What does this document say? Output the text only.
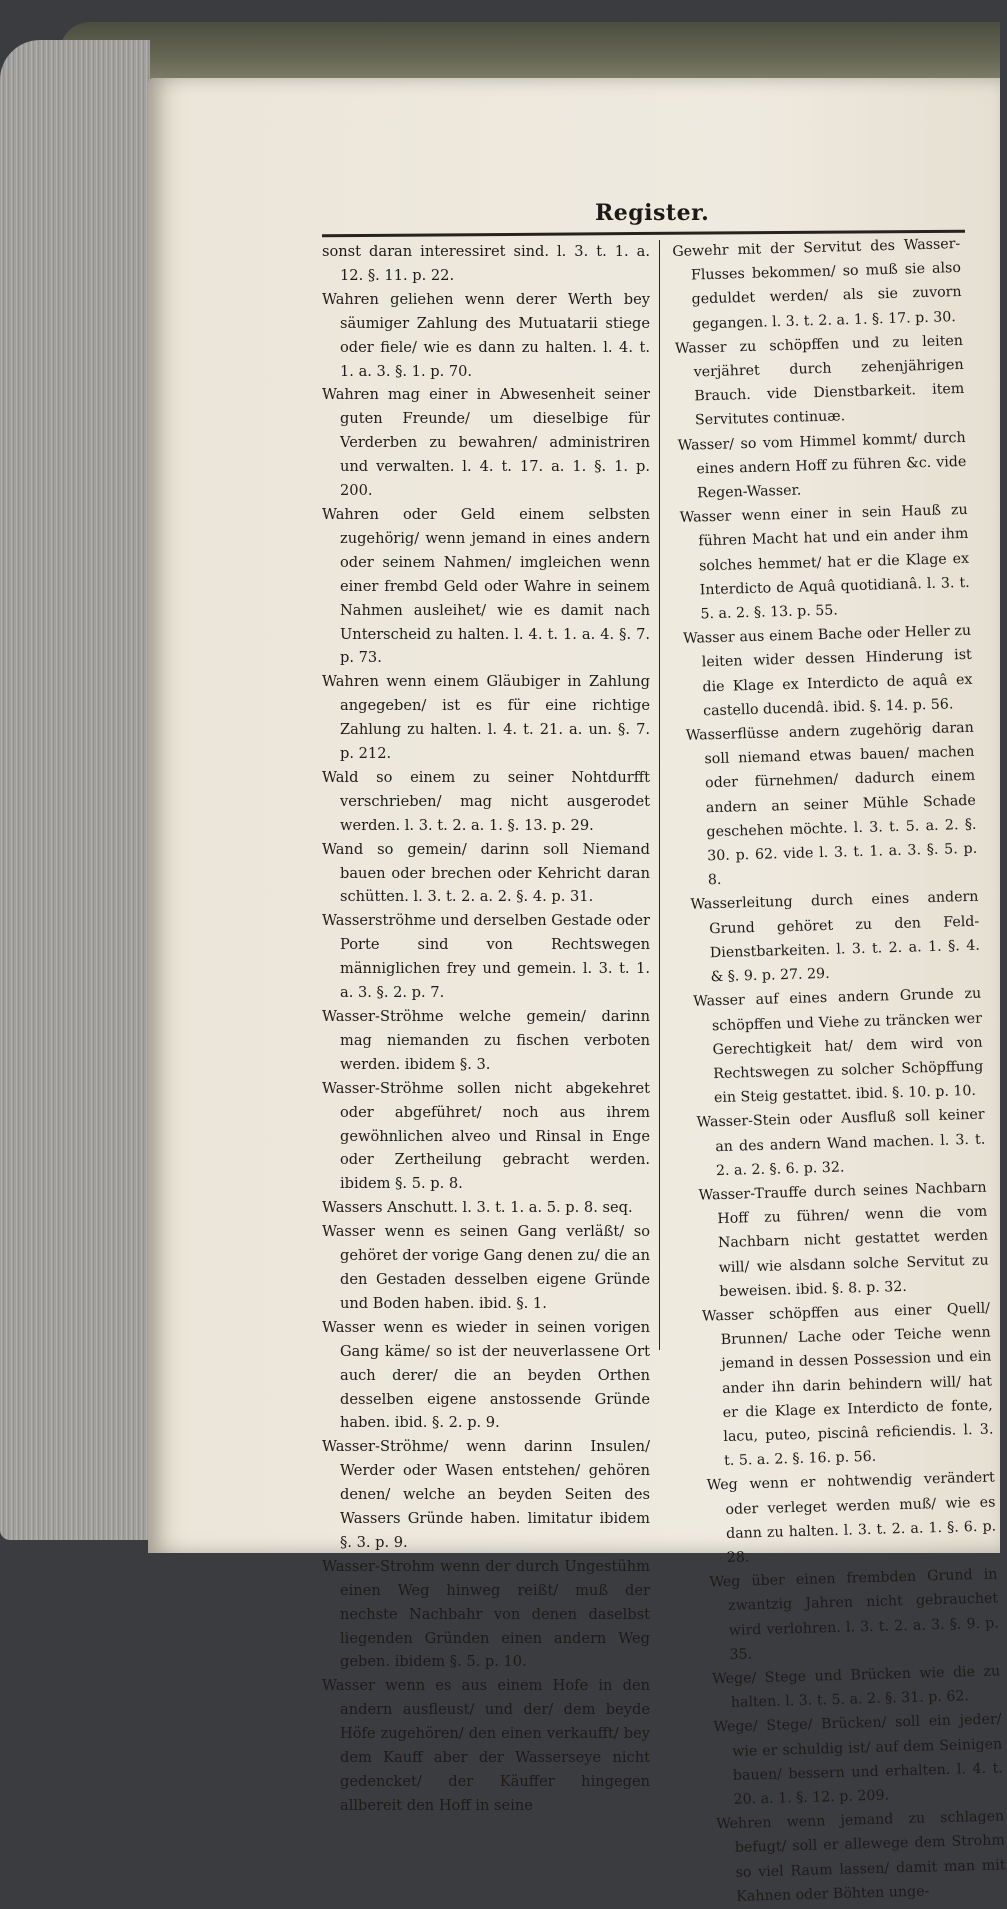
Register.

sonst daran interessiret sind. l. 3. t. 1. a. 12. §. 11. p. 22.

Wahren geliehen wenn derer Werth bey säumiger Zahlung des Mutuatarii stiege oder fiele/ wie es dann zu halten. l. 4. t. 1. a. 3. §. 1. p. 70.

Wahren mag einer in Abwesenheit seiner guten Freunde/ um dieselbige für Verderben zu bewahren/ administriren und verwalten. l. 4. t. 17. a. 1. §. 1. p. 200.

Wahren oder Geld einem selbsten zugehörig/ wenn jemand in eines andern oder seinem Nahmen/ imgleichen wenn einer frembd Geld oder Wahre in seinem Nahmen ausleihet/ wie es damit nach Unterscheid zu halten. l. 4. t. 1. a. 4. §. 7. p. 73.

Wahren wenn einem Gläubiger in Zahlung angegeben/ ist es für eine richtige Zahlung zu halten. l. 4. t. 21. a. un. §. 7. p. 212.

Wald so einem zu seiner Nohtdurfft verschrieben/ mag nicht ausgerodet werden. l. 3. t. 2. a. 1. §. 13. p. 29.

Wand so gemein/ darinn soll Niemand bauen oder brechen oder Kehricht daran schütten. l. 3. t. 2. a. 2. §. 4. p. 31.

Wasserströhme und derselben Gestade oder Porte sind von Rechtswegen männiglichen frey und gemein. l. 3. t. 1. a. 3. §. 2. p. 7.

Wasser-Ströhme welche gemein/ darinn mag niemanden zu fischen verboten werden. ibidem §. 3.

Wasser-Ströhme sollen nicht abgekehret oder abgeführet/ noch aus ihrem gewöhnlichen alveo und Rinsal in Enge oder Zertheilung gebracht werden. ibidem §. 5. p. 8.

Wassers Anschutt. l. 3. t. 1. a. 5. p. 8. seq.

Wasser wenn es seinen Gang verläßt/ so gehöret der vorige Gang denen zu/ die an den Gestaden desselben eigene Gründe und Boden haben. ibid. §. 1.

Wasser wenn es wieder in seinen vorigen Gang käme/ so ist der neuverlassene Ort auch derer/ die an beyden Orthen desselben eigene anstossende Gründe haben. ibid. §. 2. p. 9.

Wasser-Ströhme/ wenn darinn Insulen/ Werder oder Wasen entstehen/ gehören denen/ welche an beyden Seiten des Wassers Gründe haben. limitatur ibidem §. 3. p. 9.

Wasser-Strohm wenn der durch Ungestühm einen Weg hinweg reißt/ muß der nechste Nachbahr von denen daselbst liegenden Gründen einen andern Weg geben. ibidem §. 5. p. 10.

Wasser wenn es aus einem Hofe in den andern ausfleust/ und der/ dem beyde Höfe zugehören/ den einen verkaufft/ bey dem Kauff aber der Wasserseye nicht gedencket/ der Käuffer hingegen allbereit den Hoff in seine

Gewehr mit der Servitut des Wasser-Flusses bekommen/ so muß sie also geduldet werden/ als sie zuvorn gegangen. l. 3. t. 2. a. 1. §. 17. p. 30.

Wasser zu schöpffen und zu leiten verjähret durch zehenjährigen Brauch. vide Dienstbarkeit. item Servitutes continuæ.

Wasser/ so vom Himmel kommt/ durch eines andern Hoff zu führen &c. vide Regen-Wasser.

Wasser wenn einer in sein Hauß zu führen Macht hat und ein ander ihm solches hemmet/ hat er die Klage ex Interdicto de Aquâ quotidianâ. l. 3. t. 5. a. 2. §. 13. p. 55.

Wasser aus einem Bache oder Heller zu leiten wider dessen Hinderung ist die Klage ex Interdicto de aquâ ex castello ducendâ. ibid. §. 14. p. 56.

Wasserflüsse andern zugehörig daran soll niemand etwas bauen/ machen oder fürnehmen/ dadurch einem andern an seiner Mühle Schade geschehen möchte. l. 3. t. 5. a. 2. §. 30. p. 62. vide l. 3. t. 1. a. 3. §. 5. p. 8.

Wasserleitung durch eines andern Grund gehöret zu den Feld-Dienstbarkeiten. l. 3. t. 2. a. 1. §. 4. & §. 9. p. 27. 29.

Wasser auf eines andern Grunde zu schöpffen und Viehe zu träncken wer Gerechtigkeit hat/ dem wird von Rechtswegen zu solcher Schöpffung ein Steig gestattet. ibid. §. 10. p. 10.

Wasser-Stein oder Ausfluß soll keiner an des andern Wand machen. l. 3. t. 2. a. 2. §. 6. p. 32.

Wasser-Trauffe durch seines Nachbarn Hoff zu führen/ wenn die vom Nachbarn nicht gestattet werden will/ wie alsdann solche Servitut zu beweisen. ibid. §. 8. p. 32.

Wasser schöpffen aus einer Quell/ Brunnen/ Lache oder Teiche wenn jemand in dessen Possession und ein ander ihn darin behindern will/ hat er die Klage ex Interdicto de fonte, lacu, puteo, piscinâ reficiendis. l. 3. t. 5. a. 2. §. 16. p. 56.

Weg wenn er nohtwendig verändert oder verleget werden muß/ wie es dann zu halten. l. 3. t. 2. a. 1. §. 6. p. 28.

Weg über einen frembden Grund in zwantzig Jahren nicht gebrauchet wird verlohren. l. 3. t. 2. a. 3. §. 9. p. 35.

Wege/ Stege und Brücken wie die zu halten. l. 3. t. 5. a. 2. §. 31. p. 62.

Wege/ Stege/ Brücken/ soll ein jeder/ wie er schuldig ist/ auf dem Seinigen bauen/ bessern und erhalten. l. 4. t. 20. a. 1. §. 12. p. 209.

Wehren wenn jemand zu schlagen befugt/ soll er allewege dem Strohm so viel Raum lassen/ damit man mit Kahnen oder Böhten unge-
